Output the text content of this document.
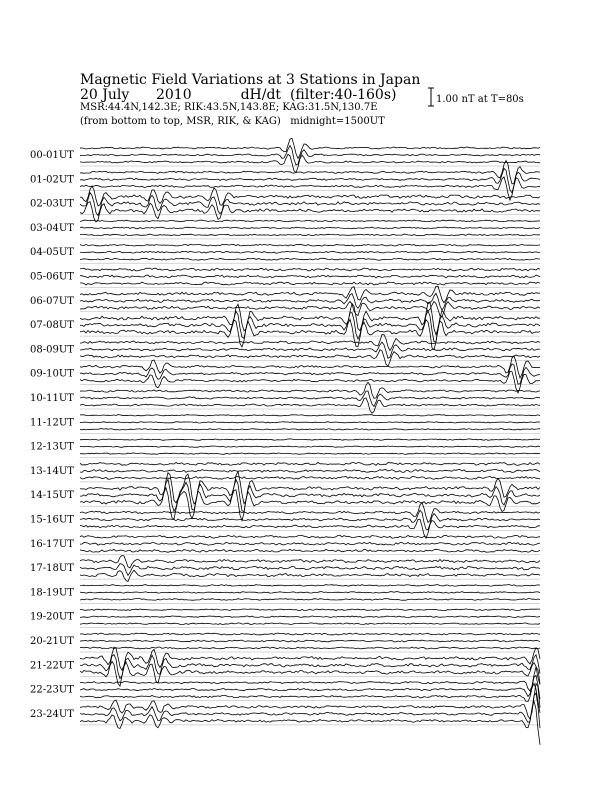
Magnetic Field Variations at 3 Stations in Japan
20 July 2010	dH/dt  (filter:40-160s)
MSR:44.4N,142.3E; RIK:43.5N,143.8E; KAG:31.5N,130.7E
(from bottom to top, MSR, RIK, & KAG)   midnight=1500UT
1.00 nT at T=80s
00-01UT
01-02UT
02-03UT
03-04UT
04-05UT
05-06UT
06-07UT
07-08UT
08-09UT
09-10UT
10-11UT
11-12UT
12-13UT
13-14UT
14-15UT
15-16UT
16-17UT
17-18UT
18-19UT
19-20UT
20-21UT
21-22UT
22-23UT
23-24UT
